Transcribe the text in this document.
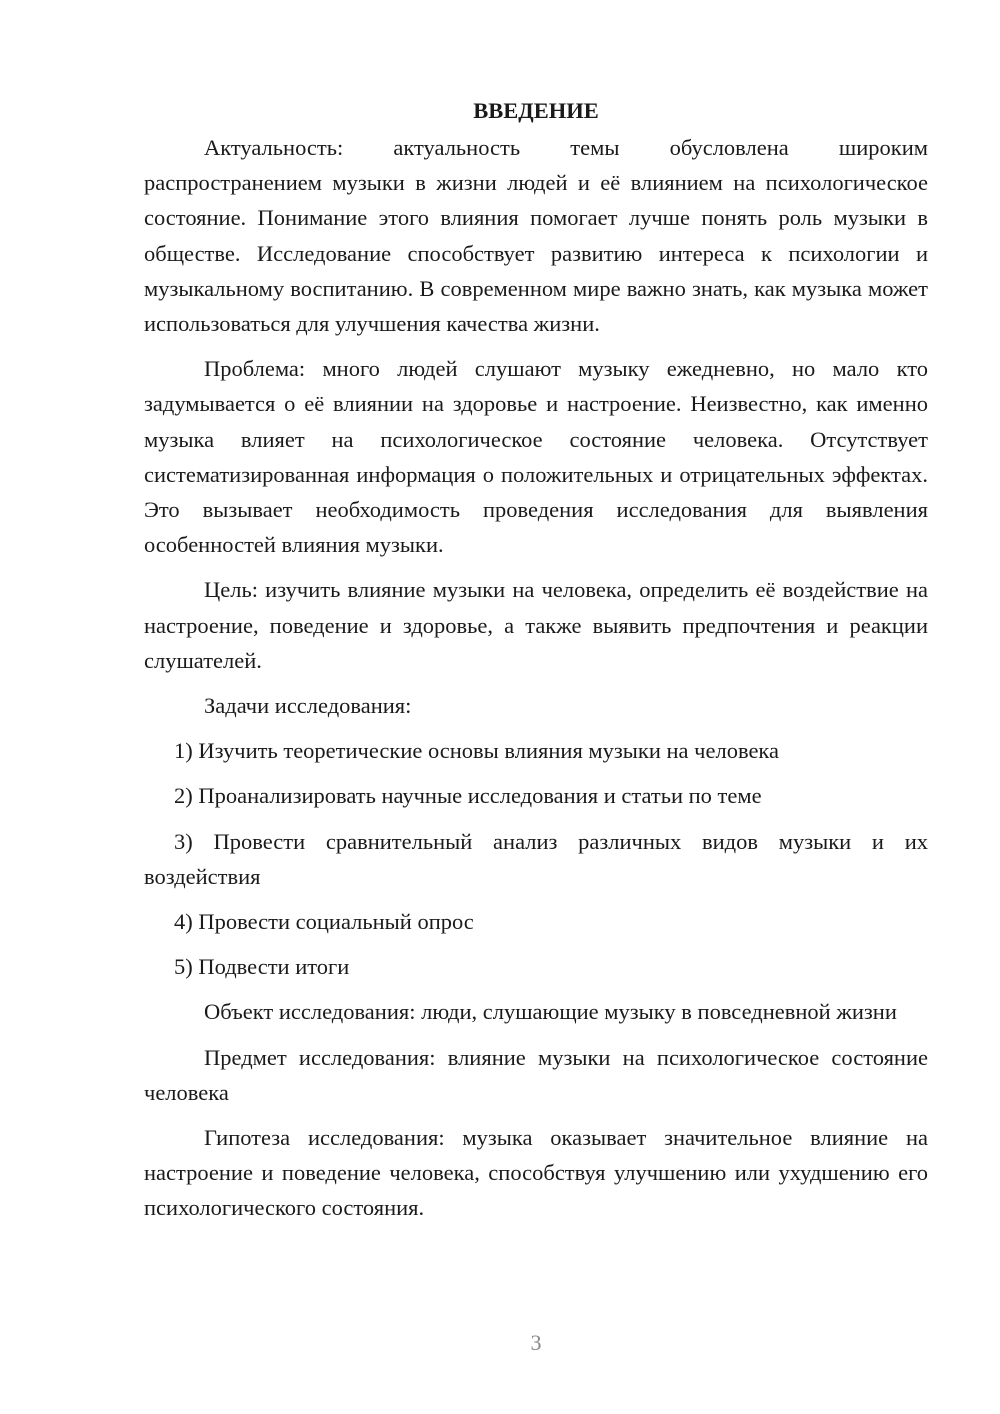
ВВЕДЕНИЕ

Актуальность: актуальность темы обусловлена широким распространением музыки в жизни людей и её влиянием на психологическое состояние. Понимание этого влияния помогает лучше понять роль музыки в обществе. Исследование способствует развитию интереса к психологии и музыкальному воспитанию. В современном мире важно знать, как музыка может использоваться для улучшения качества жизни.

Проблема: много людей слушают музыку ежедневно, но мало кто задумывается о её влиянии на здоровье и настроение. Неизвестно, как именно музыка влияет на психологическое состояние человека. Отсутствует систематизированная информация о положительных и отрицательных эффектах. Это вызывает необходимость проведения исследования для выявления особенностей влияния музыки.

Цель: изучить влияние музыки на человека, определить её воздействие на настроение, поведение и здоровье, а также выявить предпочтения и реакции слушателей.

Задачи исследования:

1) Изучить теоретические основы влияния музыки на человека

2) Проанализировать научные исследования и статьи по теме

3) Провести сравнительный анализ различных видов музыки и их воздействия

4) Провести социальный опрос

5) Подвести итоги

Объект исследования: люди, слушающие музыку в повседневной жизни

Предмет исследования: влияние музыки на психологическое состояние человека

Гипотеза исследования: музыка оказывает значительное влияние на настроение и поведение человека, способствуя улучшению или ухудшению его психологического состояния.

3
